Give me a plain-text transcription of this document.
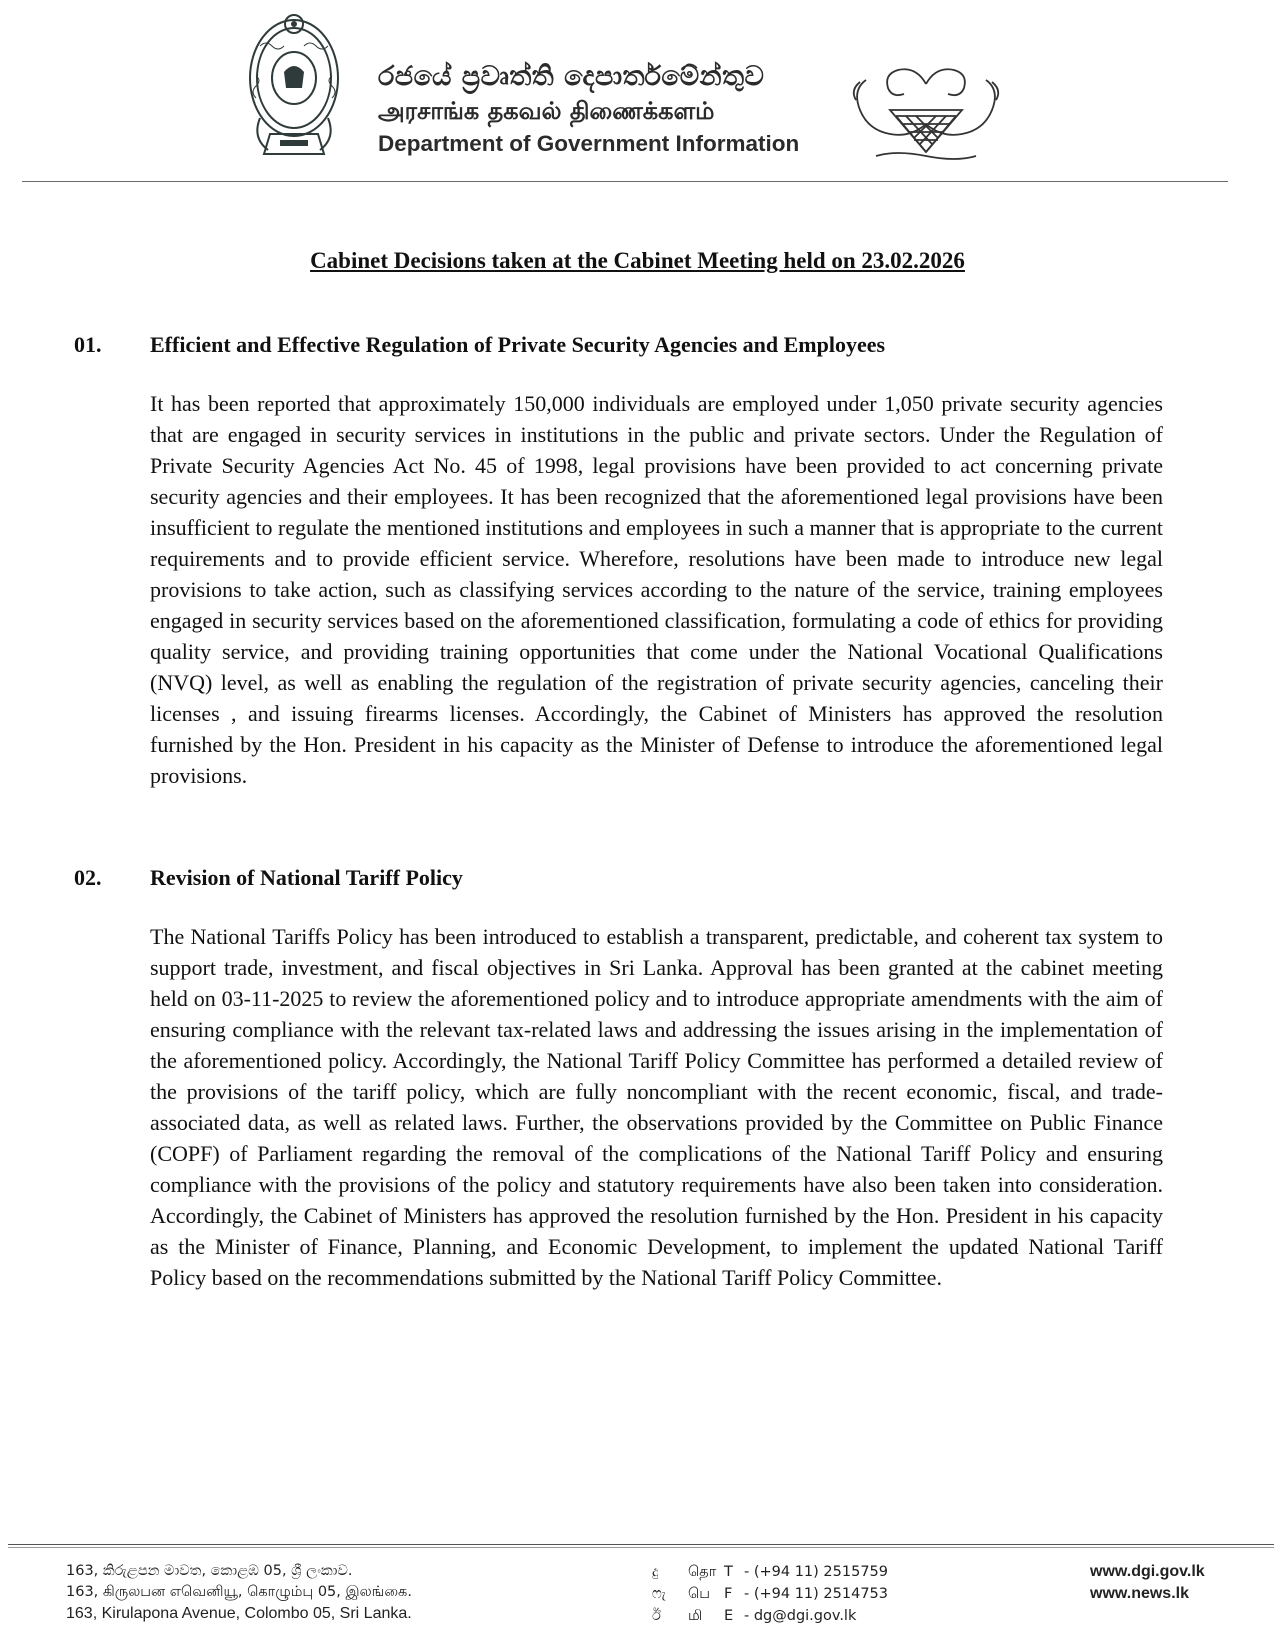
රජයේ ප්‍රවෘත්ති දෙපාර්තමේන්තුව
அரசாங்க தகவல் திணைக்களம்
Department of Government Information
Cabinet Decisions taken at the Cabinet Meeting held on 23.02.2026
01. Efficient and Effective Regulation of Private Security Agencies and Employees
It has been reported that approximately 150,000 individuals are employed under 1,050 private security agencies that are engaged in security services in institutions in the public and private sectors. Under the Regulation of Private Security Agencies Act No. 45 of 1998, legal provisions have been provided to act concerning private security agencies and their employees. It has been recognized that the aforementioned legal provisions have been insufficient to regulate the mentioned institutions and employees in such a manner that is appropriate to the current requirements and to provide efficient service. Wherefore, resolutions have been made to introduce new legal provisions to take action, such as classifying services according to the nature of the service, training employees engaged in security services based on the aforementioned classification, formulating a code of ethics for providing quality service, and providing training opportunities that come under the National Vocational Qualifications (NVQ) level, as well as enabling the regulation of the registration of private security agencies, canceling their licenses , and issuing firearms licenses. Accordingly, the Cabinet of Ministers has approved the resolution furnished by the Hon. President in his capacity as the Minister of Defense to introduce the aforementioned legal provisions.
02. Revision of National Tariff Policy
The National Tariffs Policy has been introduced to establish a transparent, predictable, and coherent tax system to support trade, investment, and fiscal objectives in Sri Lanka. Approval has been granted at the cabinet meeting held on 03-11-2025 to review the aforementioned policy and to introduce appropriate amendments with the aim of ensuring compliance with the relevant tax-related laws and addressing the issues arising in the implementation of the aforementioned policy. Accordingly, the National Tariff Policy Committee has performed a detailed review of the provisions of the tariff policy, which are fully noncompliant with the recent economic, fiscal, and trade-associated data, as well as related laws. Further, the observations provided by the Committee on Public Finance (COPF) of Parliament regarding the removal of the complications of the National Tariff Policy and ensuring compliance with the provisions of the policy and statutory requirements have also been taken into consideration. Accordingly, the Cabinet of Ministers has approved the resolution furnished by the Hon. President in his capacity as the Minister of Finance, Planning, and Economic Development, to implement the updated National Tariff Policy based on the recommendations submitted by the National Tariff Policy Committee.
163, කිරුළපන මාවත, කොළඹ 05, ශ්‍රී ලංකාව.
163, கிருலபன எவெனியூ, கொழும்பு 05, இலங்கை.
163, Kirulapona Avenue, Colombo 05, Sri Lanka.
දු தொ T - (+94 11) 2515759
ෆැ பெ F - (+94 11) 2514753
ඊ மி E - dg@dgi.gov.lk
www.dgi.gov.lk
www.news.lk
